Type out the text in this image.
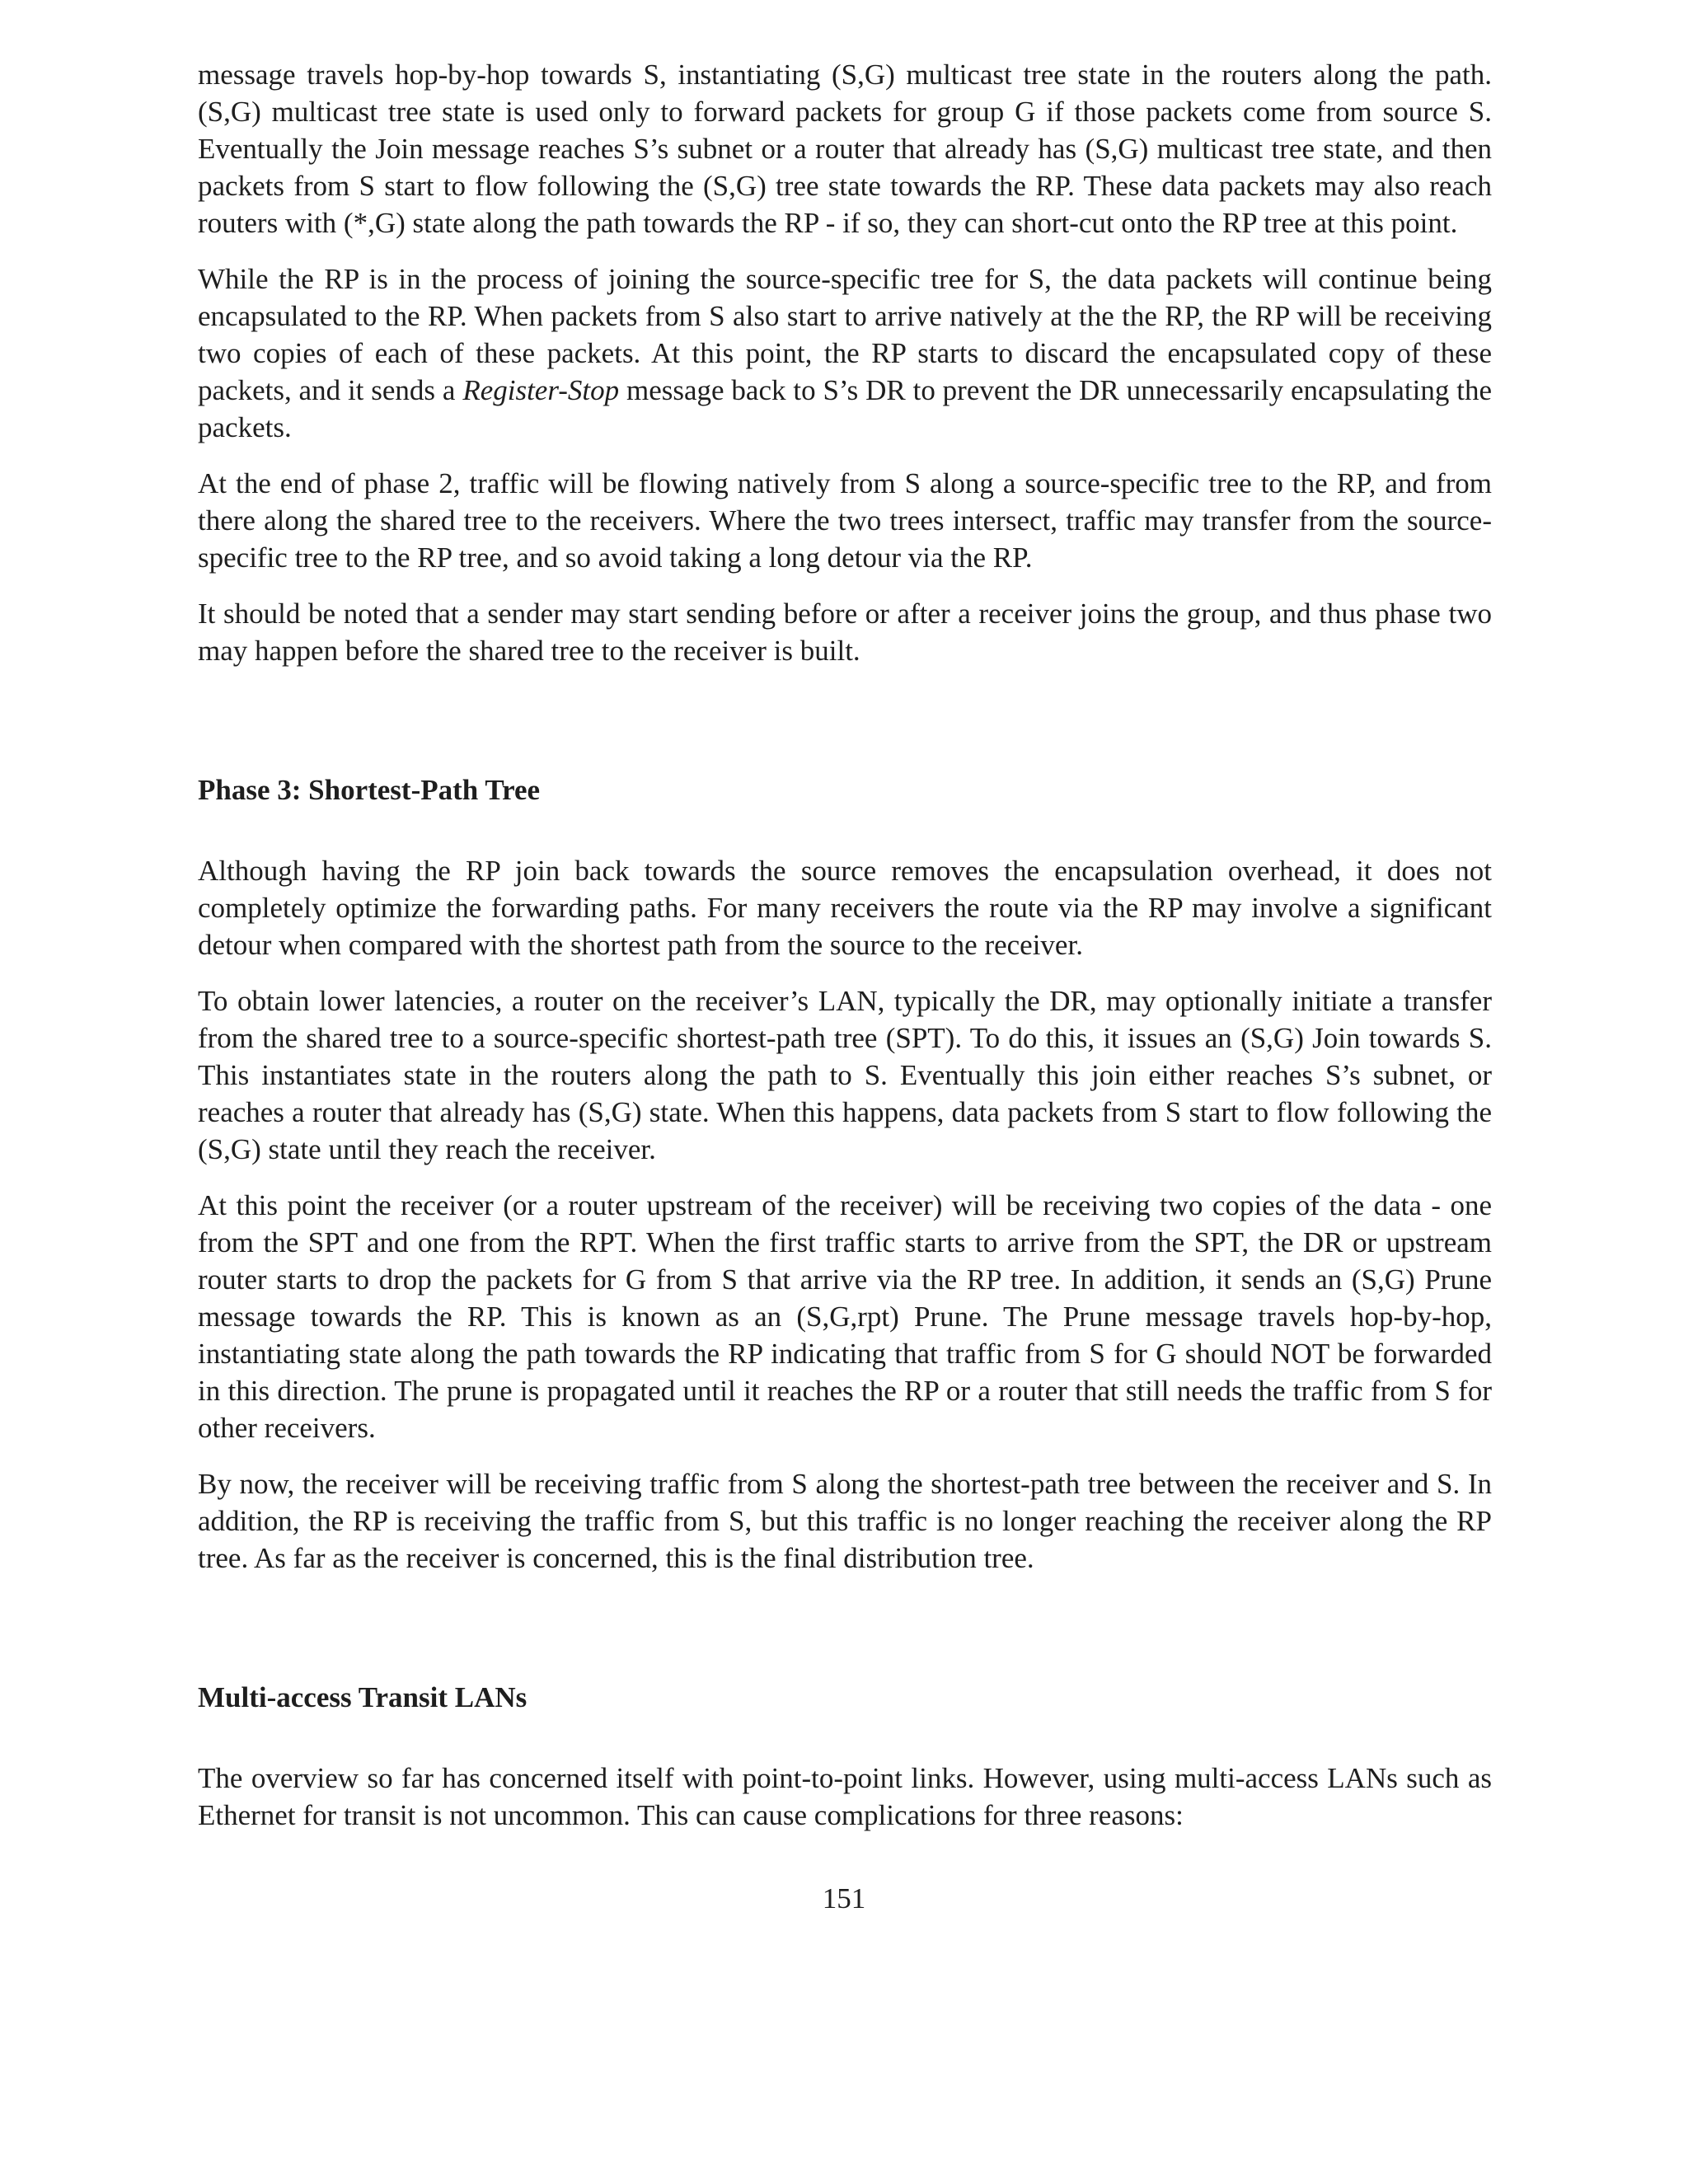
message travels hop-by-hop towards S, instantiating (S,G) multicast tree state in the routers along the path. (S,G) multicast tree state is used only to forward packets for group G if those packets come from source S. Eventually the Join message reaches S’s subnet or a router that already has (S,G) multicast tree state, and then packets from S start to flow following the (S,G) tree state towards the RP. These data packets may also reach routers with (*,G) state along the path towards the RP - if so, they can short-cut onto the RP tree at this point.

While the RP is in the process of joining the source-specific tree for S, the data packets will continue being encapsulated to the RP. When packets from S also start to arrive natively at the the RP, the RP will be receiving two copies of each of these packets. At this point, the RP starts to discard the encapsulated copy of these packets, and it sends a Register-Stop message back to S’s DR to prevent the DR unnecessarily encapsulating the packets.

At the end of phase 2, traffic will be flowing natively from S along a source-specific tree to the RP, and from there along the shared tree to the receivers. Where the two trees intersect, traffic may transfer from the source-specific tree to the RP tree, and so avoid taking a long detour via the RP.

It should be noted that a sender may start sending before or after a receiver joins the group, and thus phase two may happen before the shared tree to the receiver is built.

Phase 3: Shortest-Path Tree

Although having the RP join back towards the source removes the encapsulation overhead, it does not completely optimize the forwarding paths. For many receivers the route via the RP may involve a significant detour when compared with the shortest path from the source to the receiver.

To obtain lower latencies, a router on the receiver’s LAN, typically the DR, may optionally initiate a transfer from the shared tree to a source-specific shortest-path tree (SPT). To do this, it issues an (S,G) Join towards S. This instantiates state in the routers along the path to S. Eventually this join either reaches S’s subnet, or reaches a router that already has (S,G) state. When this happens, data packets from S start to flow following the (S,G) state until they reach the receiver.

At this point the receiver (or a router upstream of the receiver) will be receiving two copies of the data - one from the SPT and one from the RPT. When the first traffic starts to arrive from the SPT, the DR or upstream router starts to drop the packets for G from S that arrive via the RP tree. In addition, it sends an (S,G) Prune message towards the RP. This is known as an (S,G,rpt) Prune. The Prune message travels hop-by-hop, instantiating state along the path towards the RP indicating that traffic from S for G should NOT be forwarded in this direction. The prune is propagated until it reaches the RP or a router that still needs the traffic from S for other receivers.

By now, the receiver will be receiving traffic from S along the shortest-path tree between the receiver and S. In addition, the RP is receiving the traffic from S, but this traffic is no longer reaching the receiver along the RP tree. As far as the receiver is concerned, this is the final distribution tree.

Multi-access Transit LANs

The overview so far has concerned itself with point-to-point links. However, using multi-access LANs such as Ethernet for transit is not uncommon. This can cause complications for three reasons:

151
